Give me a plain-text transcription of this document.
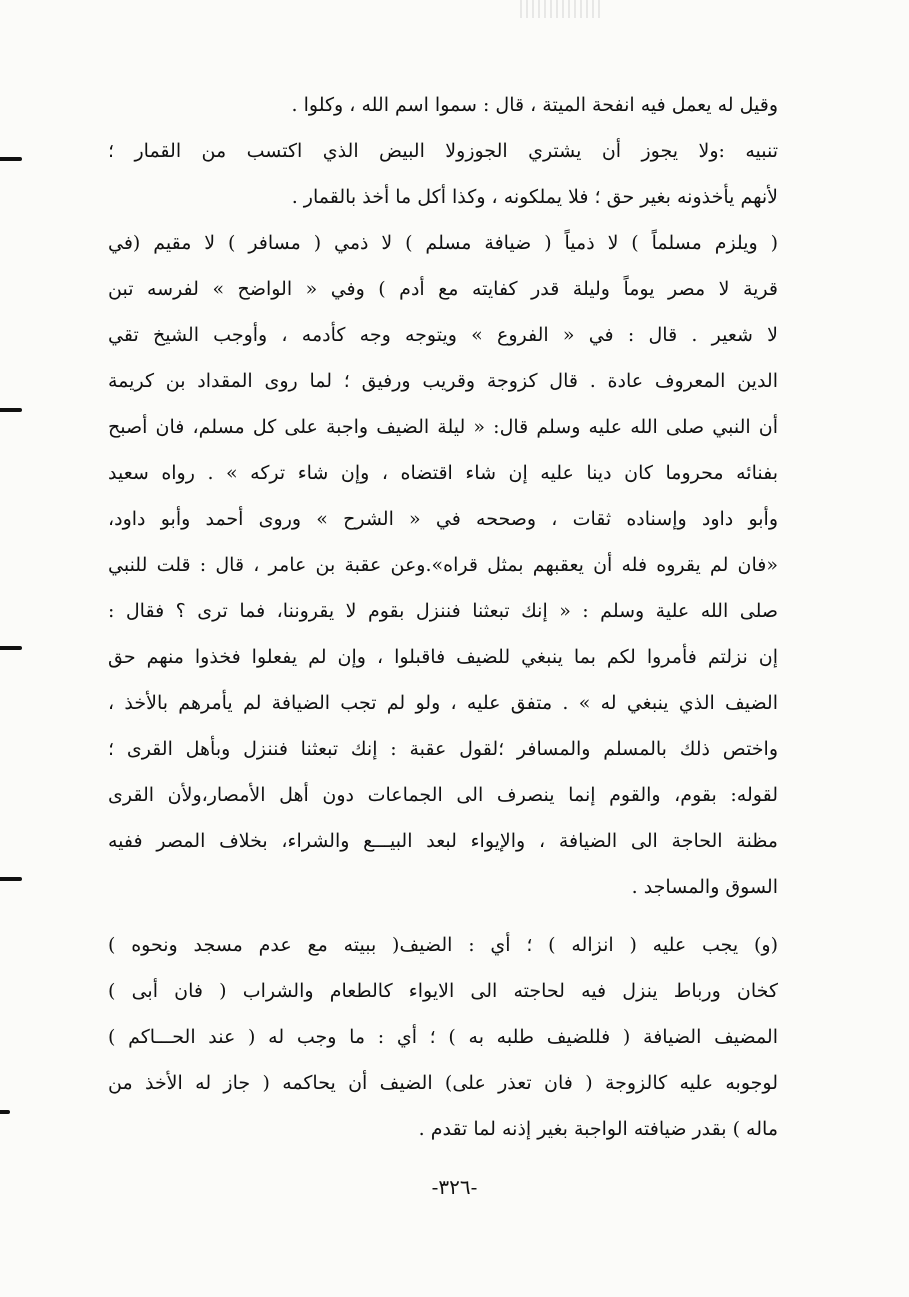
وقيل له يعمل فيه انفحة الميتة ، قال : سموا اسم الله ، وكلوا .
تنبيه :ولا يجوز أن يشتري الجوزولا البيض الذي اكتسب من القمار ؛
لأنهم يأخذونه بغير حق ؛ فلا يملكونه ، وكذا أكل ما أخذ بالقمار .
( ويلزم مسلماً ) لا ذمياً ( ضيافة مسلم ) لا ذمي ( مسافر ) لا مقيم (في
قرية لا مصر يوماً وليلة قدر كفايته مع أدم ) وفي « الواضح » لفرسه تبن
لا شعير . قال : في « الفروع » ويتوجه وجه كأدمه ، وأوجب الشيخ تقي
الدين المعروف عادة . قال كزوجة وقريب ورفيق ؛ لما روى المقداد بن كريمة
أن النبي صلى الله عليه وسلم قال: « ليلة الضيف واجبة على كل مسلم، فان أصبح
بفنائه محروما كان دينا عليه إن شاء اقتضاه ، وإن شاء تركه » . رواه سعيد
وأبو داود وإسناده ثقات ، وصححه في « الشرح » وروى أحمد وأبو داود،
«فان لم يقروه فله أن يعقبهم بمثل قراه».وعن عقبة بن عامر ، قال : قلت للنبي
صلى الله علية وسلم : « إنك تبعثنا فننزل بقوم لا يقروننا، فما ترى ؟ فقال :
إن نزلتم فأمروا لكم بما ينبغي للضيف فاقبلوا ، وإن لم يفعلوا فخذوا منهم حق
الضيف الذي ينبغي له » . متفق عليه ، ولو لم تجب الضيافة لم يأمرهم بالأخذ ،
واختص ذلك بالمسلم والمسافر ؛لقول عقبة : إنك تبعثنا فننزل وبأهل القرى ؛
لقوله: بقوم، والقوم إنما ينصرف الى الجماعات دون أهل الأمصار،ولأن القرى
مظنة الحاجة الى الضيافة ، والإيواء لبعد البيـــع والشراء، بخلاف المصر ففيه
السوق والمساجد .
(و) يجب عليه ( انزاله ) ؛ أي : الضيف( ببيته مع عدم مسجد ونحوه )
كخان ورباط ينزل فيه لحاجته الى الايواء كالطعام والشراب ( فان أبى )
المضيف الضيافة ( فللضيف طلبه به ) ؛ أي : ما وجب له ( عند الحـــاكم )
لوجوبه عليه كالزوجة ( فان تعذر على) الضيف أن يحاكمه ( جاز له الأخذ من
ماله ) بقدر ضيافته الواجبة بغير إذنه لما تقدم .
-٣٢٦-
